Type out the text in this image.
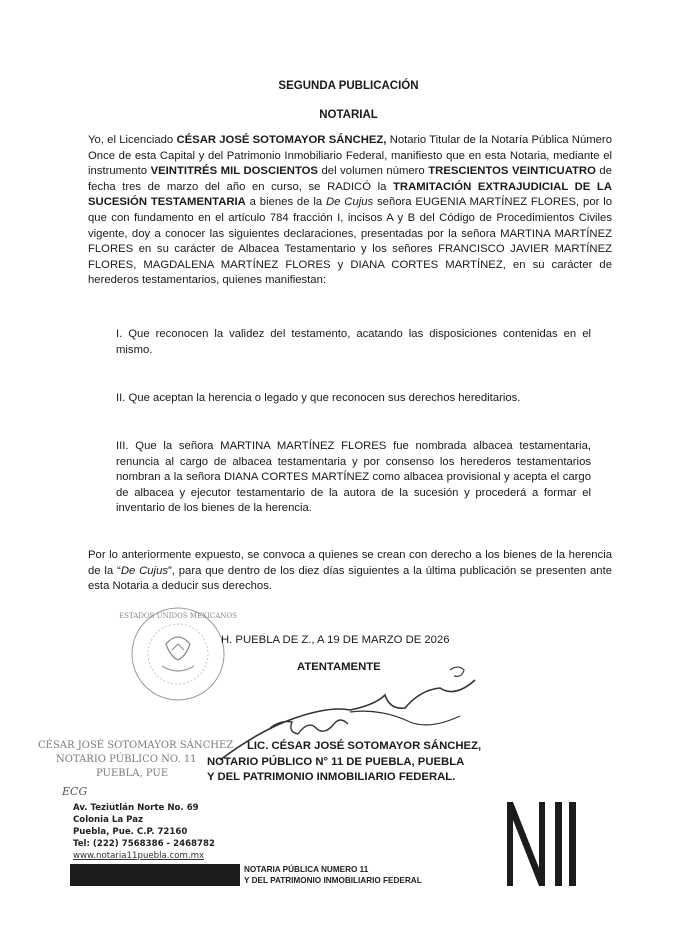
SEGUNDA PUBLICACIÓN
NOTARIAL
Yo, el Licenciado CÉSAR JOSÉ SOTOMAYOR SÁNCHEZ, Notario Titular de la Notaría Pública Número Once de esta Capital y del Patrimonio Inmobiliario Federal, manifiesto que en esta Notaria, mediante el instrumento VEINTITRÉS MIL DOSCIENTOS del volumen número TRESCIENTOS VEINTICUATRO de fecha tres de marzo del año en curso, se RADICÓ la TRAMITACIÓN EXTRAJUDICIAL DE LA SUCESIÓN TESTAMENTARIA a bienes de la De Cujus señora EUGENIA MARTÍNEZ FLORES, por lo que con fundamento en el artículo 784 fracción I, incisos A y B del Código de Procedimientos Civiles vigente, doy a conocer las siguientes declaraciones, presentadas por la señora MARTINA MARTÍNEZ FLORES en su carácter de Albacea Testamentario y los señores FRANCISCO JAVIER MARTÍNEZ FLORES, MAGDALENA MARTÍNEZ FLORES y DIANA CORTES MARTÍNEZ, en su carácter de herederos testamentarios, quienes manifiestan:
I. Que reconocen la validez del testamento, acatando las disposiciones contenidas en el mismo.
II. Que aceptan la herencia o legado y que reconocen sus derechos hereditarios.
III. Que la señora MARTINA MARTÍNEZ FLORES fue nombrada albacea testamentaria, renuncia al cargo de albacea testamentaria y por consenso los herederos testamentarios nombran a la señora DIANA CORTES MARTÍNEZ como albacea provisional y acepta el cargo de albacea y ejecutor testamentario de la autora de la sucesión y procederá a formar el inventario de los bienes de la herencia.
Por lo anteriormente expuesto, se convoca a quienes se crean con derecho a los bienes de la herencia de la “De Cujus”, para que dentro de los diez días siguientes a la última publicación se presenten ante esta Notaria a deducir sus derechos.
ESTADOS UNIDOS MEXICANOS
H. PUEBLA DE Z., A 19 DE MARZO DE 2026
ATENTAMENTE
LIC. CÉSAR JOSÉ SOTOMAYOR SÁNCHEZ,
NOTARIO PÚBLICO N° 11 DE PUEBLA, PUEBLA
Y DEL PATRIMONIO INMOBILIARIO FEDERAL.
CÉSAR JOSÉ SOTOMAYOR SÁNCHEZ
NOTARIO PÚBLICO NO. 11
PUEBLA, PUE
ECG
Av. Teziutlán Norte No. 69
Colonia La Paz
Puebla, Pue. C.P. 72160
Tel: (222) 7568386 - 2468782
www.notaria11puebla.com.mx
NOTARIA PÚBLICA NUMERO 11
Y DEL PATRIMONIO INMOBILIARIO FEDERAL
